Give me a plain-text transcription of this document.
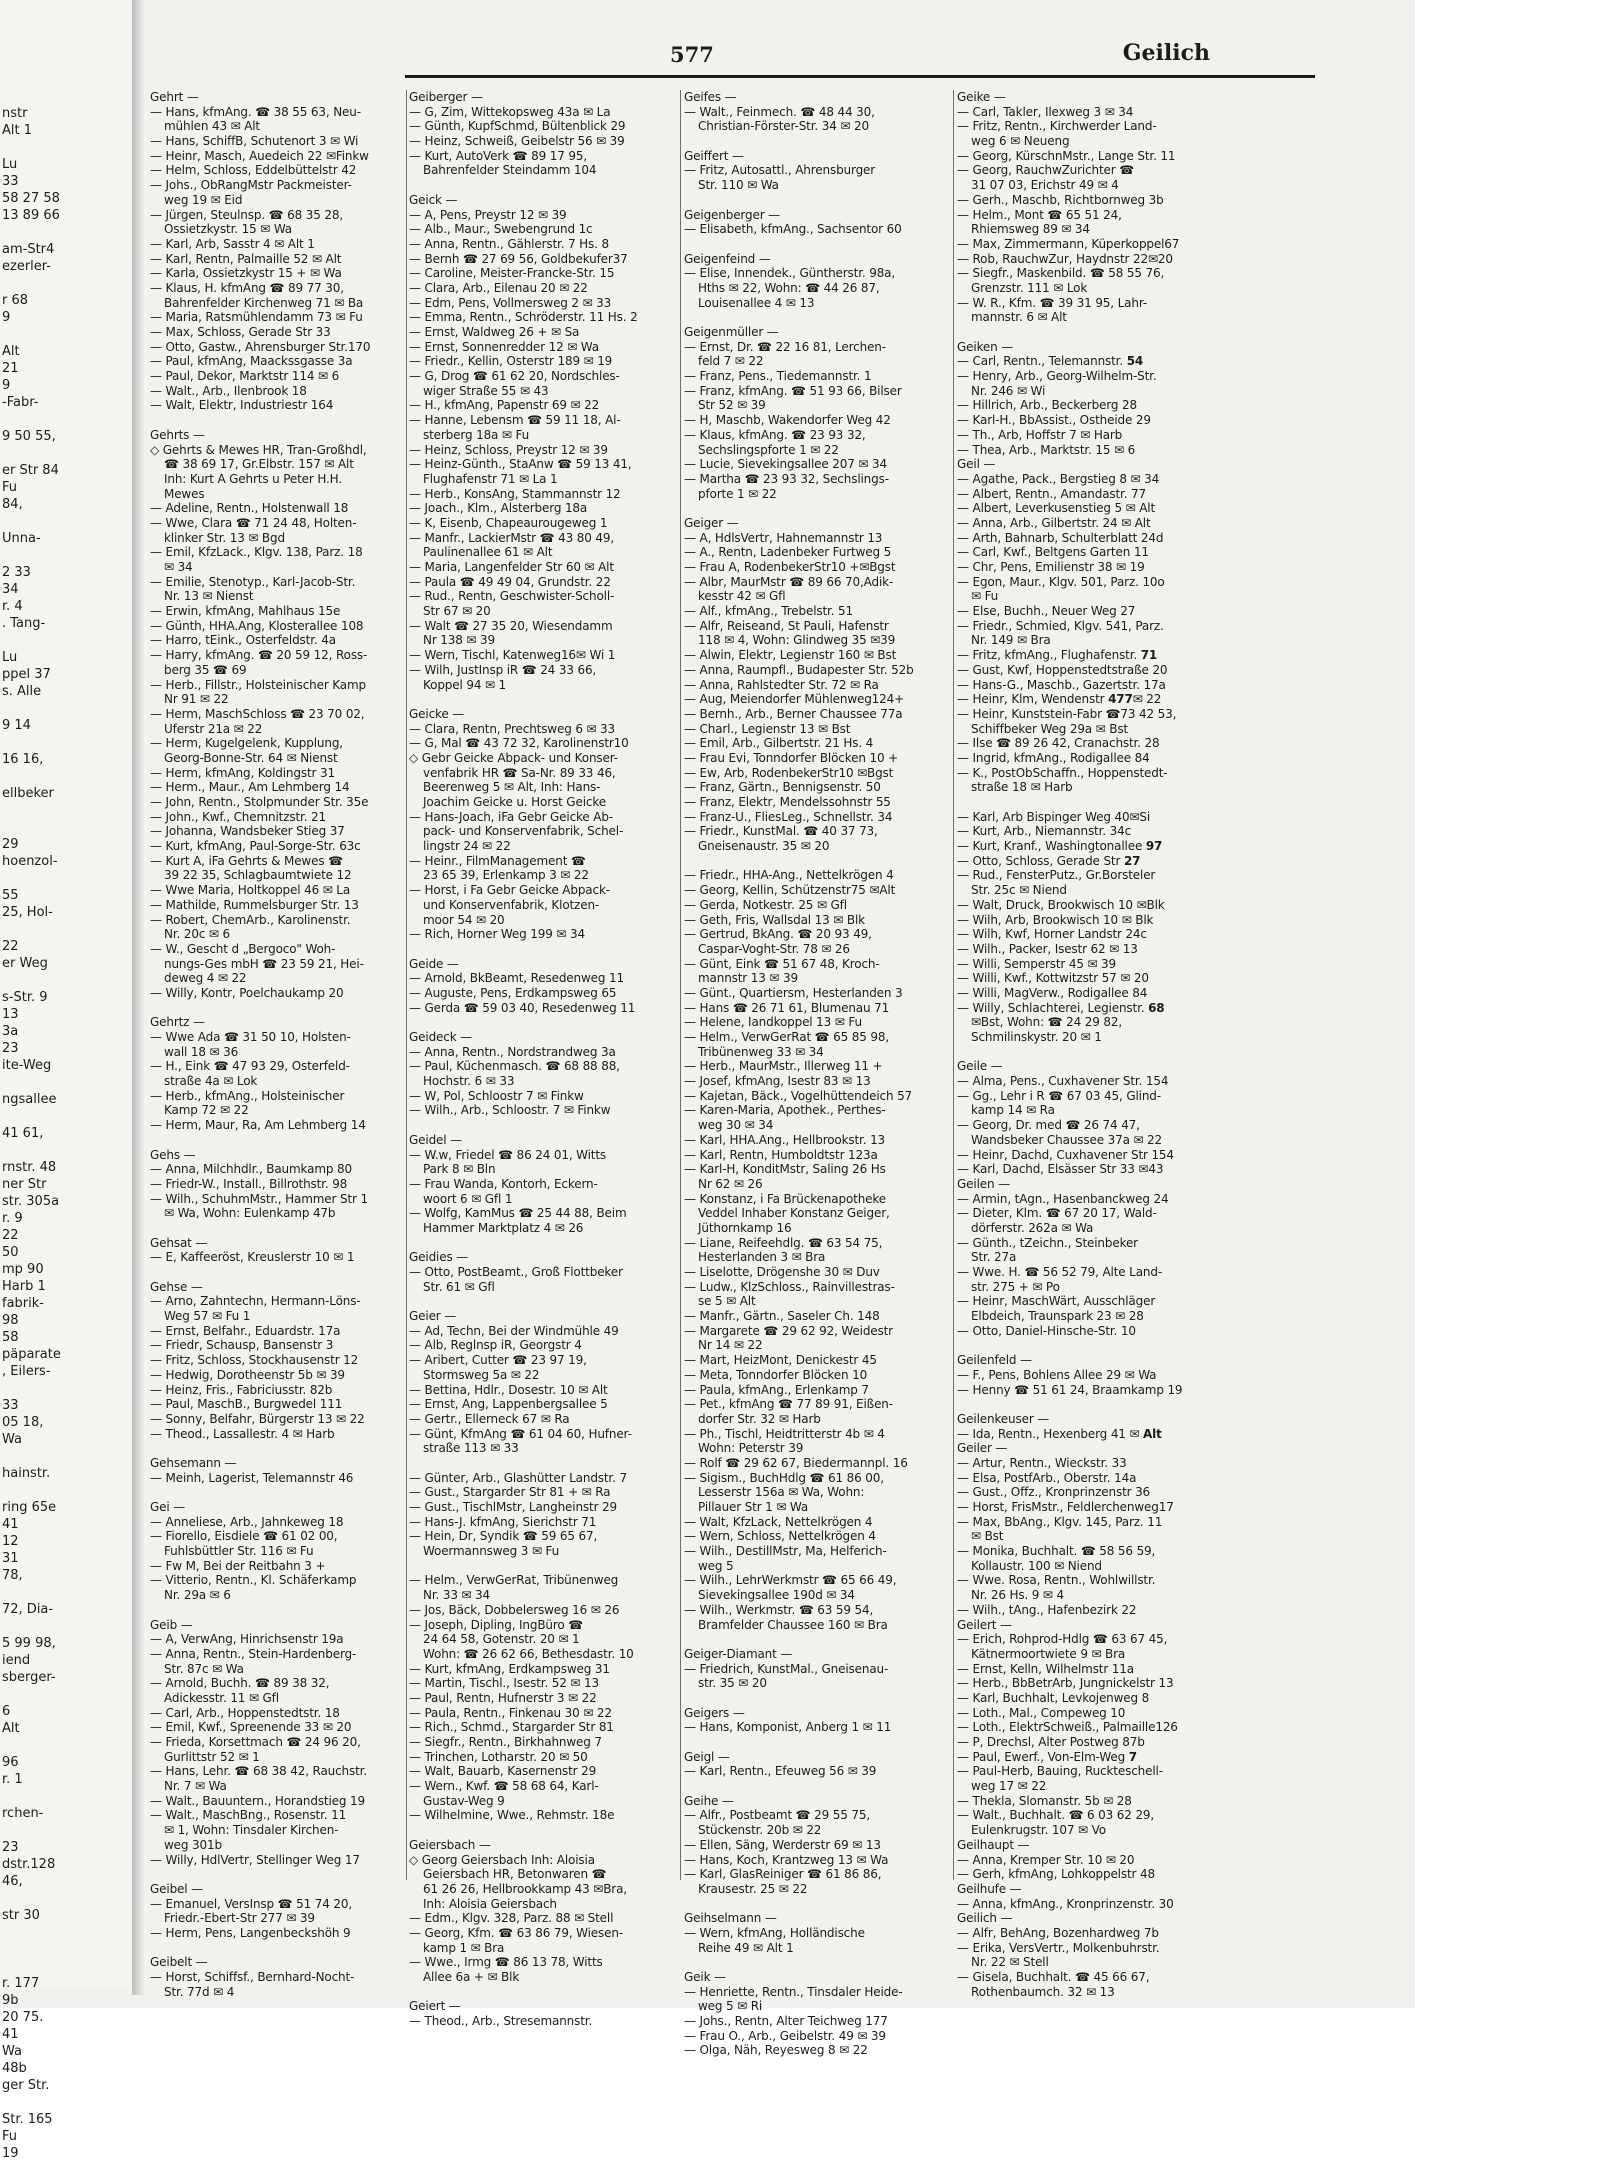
nstr
Alt 1
Lu
33
58 27 58
13 89 66
am-Str4
ezerler-
r 68
9
Alt
21
9
-Fabr-
9 50 55,
er Str 84
Fu
84,
Unna-
2 33
34
r. 4
. Tang-
Lu
ppel 37
s. Alle
9 14
16 16,
ellbeker
29
hoenzol-
55
25, Hol-
22
er Weg
s-Str. 9
13
3a
23
ite-Weg
ngsallee
41 61,
rnstr. 48
ner Str
str. 305a
r. 9
22
50
mp 90
Harb 1
fabrik-
98
58
päparate
, Eilers-
33
05 18,
Wa
hainstr.
ring 65e
41
12
31
78,
72, Dia-
5 99 98,
iend
sberger-
6
Alt
96
r. 1
rchen-
23
dstr.128
46,
str 30
r. 177
9b
20 75.
41
Wa
48b
ger Str.
Str. 165
Fu
19
577	Geilich
Gehrt —
— Hans, kfmAng. ☎ 38 55 63, Neu-
mühlen 43 ✉ Alt
— Hans, SchiffB, Schutenort 3 ✉ Wi
— Heinr, Masch, Auedeich 22 ✉Finkw
— Helm, Schloss, Eddelbüttelstr 42
— Johs., ObRangMstr Packmeister-
weg 19 ✉ Eid
— Jürgen, Steulnsp. ☎ 68 35 28,
Ossietzkystr. 15 ✉ Wa
— Karl, Arb, Sasstr 4 ✉ Alt 1
— Karl, Rentn, Palmaille 52 ✉ Alt
— Karla, Ossietzkystr 15 + ✉ Wa
— Klaus, H. kfmAng ☎ 89 77 30,
Bahrenfelder Kirchenweg 71 ✉ Ba
— Maria, Ratsmühlendamm 73 ✉ Fu
— Max, Schloss, Gerade Str 33
— Otto, Gastw., Ahrensburger Str.170
— Paul, kfmAng, Maackssgasse 3a
— Paul, Dekor, Marktstr 114 ✉ 6
— Walt., Arb., Ilenbrook 18
— Walt, Elektr, Industriestr 164

Gehrts —
◇ Gehrts & Mewes HR, Tran-Großhdl,
☎ 38 69 17, Gr.Elbstr. 157 ✉ Alt
Inh: Kurt A Gehrts u Peter H.H.
Mewes
— Adeline, Rentn., Holstenwall 18
— Wwe, Clara ☎ 71 24 48, Holten-
klinker Str. 13 ✉ Bgd
— Emil, KfzLack., Klgv. 138, Parz. 18
✉ 34
— Emilie, Stenotyp., Karl-Jacob-Str.
Nr. 13 ✉ Nienst
— Erwin, kfmAng, Mahlhaus 15e
— Günth, HHA.Ang, Klosterallee 108
— Harro, tEink., Osterfeldstr. 4a
— Harry, kfmAng. ☎ 20 59 12, Ross-
berg 35 ☎ 69
— Herb., Fillstr., Holsteinischer Kamp
Nr 91 ✉ 22
— Herm, MaschSchloss ☎ 23 70 02,
Uferstr 21a ✉ 22
— Herm, Kugelgelenk, Kupplung,
Georg-Bonne-Str. 64 ✉ Nienst
— Herm, kfmAng, Koldingstr 31
— Herm., Maur., Am Lehmberg 14
— John, Rentn., Stolpmunder Str. 35e
— John., Kwf., Chemnitzstr. 21
— Johanna, Wandsbeker Stieg 37
— Kurt, kfmAng, Paul-Sorge-Str. 63c
— Kurt A, iFa Gehrts & Mewes ☎
39 22 35, Schlagbaumtwiete 12
— Wwe Maria, Holtkoppel 46 ✉ La
— Mathilde, Rummelsburger Str. 13
— Robert, ChemArb., Karolinenstr.
Nr. 20c ✉ 6
— W., Gescht d „Bergoco" Woh-
nungs-Ges mbH ☎ 23 59 21, Hei-
deweg 4 ✉ 22
— Willy, Kontr, Poelchaukamp 20

Gehrtz —
— Wwe Ada ☎ 31 50 10, Holsten-
wall 18 ✉ 36
— H., Eink ☎ 47 93 29, Osterfeld-
straße 4a ✉ Lok
— Herb., kfmAng., Holsteinischer
Kamp 72 ✉ 22
— Herm, Maur, Ra, Am Lehmberg 14

Gehs —
— Anna, Milchhdlr., Baumkamp 80
— Friedr-W., Install., Billrothstr. 98
— Wilh., SchuhmMstr., Hammer Str 1
✉ Wa, Wohn: Eulenkamp 47b

Gehsat —
— E, Kaffeeröst, Kreuslerstr 10 ✉ 1

Gehse —
— Arno, Zahntechn, Hermann-Löns-
Weg 57 ✉ Fu 1
— Ernst, Belfahr., Eduardstr. 17a
— Friedr, Schausp, Bansenstr 3
— Fritz, Schloss, Stockhausenstr 12
— Hedwig, Dorotheenstr 5b ✉ 39
— Heinz, Fris., Fabriciusstr. 82b
— Paul, MaschB., Burgwedel 111
— Sonny, Belfahr, Bürgerstr 13 ✉ 22
— Theod., Lassallestr. 4 ✉ Harb

Gehsemann —
— Meinh, Lagerist, Telemannstr 46

Gei —
— Anneliese, Arb., Jahnkeweg 18
— Fiorello, Eisdiele ☎ 61 02 00,
Fuhlsbüttler Str. 116 ✉ Fu
— Fw M, Bei der Reitbahn 3 +
— Vitterio, Rentn., Kl. Schäferkamp
Nr. 29a ✉ 6

Geib —
— A, VerwAng, Hinrichsenstr 19a
— Anna, Rentn., Stein-Hardenberg-
Str. 87c ✉ Wa
— Arnold, Buchh. ☎ 89 38 32,
Adickesstr. 11 ✉ Gfl
— Carl, Arb., Hoppenstedtstr. 18
— Emil, Kwf., Spreenende 33 ✉ 20
— Frieda, Korsettmach ☎ 24 96 20,
Gurlittstr 52 ✉ 1
— Hans, Lehr. ☎ 68 38 42, Rauchstr.
Nr. 7 ✉ Wa
— Walt., Bauuntern., Horandstieg 19
— Walt., MaschBng., Rosenstr. 11
✉ 1, Wohn: Tinsdaler Kirchen-
weg 301b
— Willy, HdlVertr, Stellinger Weg 17

Geibel —
— Emanuel, VersInsp ☎ 51 74 20,
Friedr.-Ebert-Str 277 ✉ 39
— Herm, Pens, Langenbeckshöh 9

Geibelt —
— Horst, Schiffsf., Bernhard-Nocht-
Str. 77d ✉ 4
Geiberger —
— G, Zim, Wittekopsweg 43a ✉ La
— Günth, KupfSchmd, Bültenblick 29
— Heinz, Schweiß, Geibelstr 56 ✉ 39
— Kurt, AutoVerk ☎ 89 17 95,
Bahrenfelder Steindamm 104

Geick —
— A, Pens, Preystr 12 ✉ 39
— Alb., Maur., Swebengrund 1c
— Anna, Rentn., Gählerstr. 7 Hs. 8
— Bernh ☎ 27 69 56, Goldbekufer37
— Caroline, Meister-Francke-Str. 15
— Clara, Arb., Eilenau 20 ✉ 22
— Edm, Pens, Vollmersweg 2 ✉ 33
— Emma, Rentn., Schröderstr. 11 Hs. 2
— Ernst, Waldweg 26 + ✉ Sa
— Ernst, Sonnenredder 12 ✉ Wa
— Friedr., Kellin, Osterstr 189 ✉ 19
— G, Drog ☎ 61 62 20, Nordschles-
wiger Straße 55 ✉ 43
— H., kfmAng, Papenstr 69 ✉ 22
— Hanne, Lebensm ☎ 59 11 18, Al-
sterberg 18a ✉ Fu
— Heinz, Schloss, Preystr 12 ✉ 39
— Heinz-Günth., StaAnw ☎ 59 13 41,
Flughafenstr 71 ✉ La 1
— Herb., KonsAng, Stammannstr 12
— Joach., Klm., Alsterberg 18a
— K, Eisenb, Chapeaurougeweg 1
— Manfr., LackierMstr ☎ 43 80 49,
Paulinenallee 61 ✉ Alt
— Maria, Langenfelder Str 60 ✉ Alt
— Paula ☎ 49 49 04, Grundstr. 22
— Rud., Rentn, Geschwister-Scholl-
Str 67 ✉ 20
— Walt ☎ 27 35 20, Wiesendamm
Nr 138 ✉ 39
— Wern, Tischl, Katenweg16✉ Wi 1
— Wilh, JustInsp iR ☎ 24 33 66,
Koppel 94 ✉ 1

Geicke —
— Clara, Rentn, Prechtsweg 6 ✉ 33
— G, Mal ☎ 43 72 32, Karolinenstr10
◇ Gebr Geicke Abpack- und Konser-
venfabrik HR ☎ Sa-Nr. 89 33 46,
Beerenweg 5 ✉ Alt, Inh: Hans-
Joachim Geicke u. Horst Geicke
— Hans-Joach, iFa Gebr Geicke Ab-
pack- und Konservenfabrik, Schel-
lingstr 24 ✉ 22
— Heinr., FilmManagement ☎
23 65 39, Erlenkamp 3 ✉ 22
— Horst, i Fa Gebr Geicke Abpack-
und Konservenfabrik, Klotzen-
moor 54 ✉ 20
— Rich, Horner Weg 199 ✉ 34

Geide —
— Arnold, BkBeamt, Resedenweg 11
— Auguste, Pens, Erdkampsweg 65
— Gerda ☎ 59 03 40, Resedenweg 11

Geideck —
— Anna, Rentn., Nordstrandweg 3a
— Paul, Küchenmasch. ☎ 68 88 88,
Hochstr. 6 ✉ 33
— W, Pol, Schloostr 7 ✉ Finkw
— Wilh., Arb., Schloostr. 7 ✉ Finkw

Geidel —
— W.w, Friedel ☎ 86 24 01, Witts
Park 8 ✉ Bln
— Frau Wanda, Kontorh, Eckern-
woort 6 ✉ Gfl 1
— Wolfg, KamMus ☎ 25 44 88, Beim
Hammer Marktplatz 4 ✉ 26

Geidies —
— Otto, PostBeamt., Groß Flottbeker
Str. 61 ✉ Gfl

Geier —
— Ad, Techn, Bei der Windmühle 49
— Alb, Reglnsp iR, Georgstr 4
— Aribert, Cutter ☎ 23 97 19,
Stormsweg 5a ✉ 22
— Bettina, Hdlr., Dosestr. 10 ✉ Alt
— Ernst, Ang, Lappenbergsallee 5
— Gertr., Ellerneck 67 ✉ Ra
— Günt, KfmAng ☎ 61 04 60, Hufner-
straße 113 ✉ 33

— Günter, Arb., Glashütter Landstr. 7
— Gust., Stargarder Str 81 + ✉ Ra
— Gust., TischlMstr, Langheinstr 29
— Hans-J. kfmAng, Sierichstr 71
— Hein, Dr, Syndik ☎ 59 65 67,
Woermannsweg 3 ✉ Fu

— Helm., VerwGerRat, Tribünenweg
Nr. 33 ✉ 34
— Jos, Bäck, Dobbelersweg 16 ✉ 26
— Joseph, Dipling, IngBüro ☎
24 64 58, Gotenstr. 20 ✉ 1
Wohn: ☎ 26 62 66, Bethesdastr. 10
— Kurt, kfmAng, Erdkampsweg 31
— Martin, Tischl., Isestr. 52 ✉ 13
— Paul, Rentn, Hufnerstr 3 ✉ 22
— Paula, Rentn., Finkenau 30 ✉ 22
— Rich., Schmd., Stargarder Str 81
— Siegfr., Rentn., Birkhahnweg 7
— Trinchen, Lotharstr. 20 ✉ 50
— Walt, Bauarb, Kasernenstr 29
— Wern., Kwf. ☎ 58 68 64, Karl-
Gustav-Weg 9
— Wilhelmine, Wwe., Rehmstr. 18e

Geiersbach —
◇ Georg Geiersbach Inh: Aloisia
Geiersbach HR, Betonwaren ☎
61 26 26, Hellbrookkamp 43 ✉Bra,
Inh: Aloisia Geiersbach
— Edm., Klgv. 328, Parz. 88 ✉ Stell
— Georg, Kfm. ☎ 63 86 79, Wiesen-
kamp 1 ✉ Bra
— Wwe., Irmg ☎ 86 13 78, Witts
Allee 6a + ✉ Blk

Geiert —
— Theod., Arb., Stresemannstr.
Geifes —
— Walt., Feinmech. ☎ 48 44 30,
Christian-Förster-Str. 34 ✉ 20

Geiffert —
— Fritz, Autosattl., Ahrensburger
Str. 110 ✉ Wa

Geigenberger —
— Elisabeth, kfmAng., Sachsentor 60

Geigenfeind —
— Elise, Innendek., Güntherstr. 98a,
Hths ✉ 22, Wohn: ☎ 44 26 87,
Louisenallee 4 ✉ 13

Geigenmüller —
— Ernst, Dr. ☎ 22 16 81, Lerchen-
feld 7 ✉ 22
— Franz, Pens., Tiedemannstr. 1
— Franz, kfmAng. ☎ 51 93 66, Bilser
Str 52 ✉ 39
— H, Maschb, Wakendorfer Weg 42
— Klaus, kfmAng. ☎ 23 93 32,
Sechslingspforte 1 ✉ 22
— Lucie, Sievekingsallee 207 ✉ 34
— Martha ☎ 23 93 32, Sechslings-
pforte 1 ✉ 22

Geiger —
— A, HdlsVertr, Hahnemannstr 13
— A., Rentn, Ladenbeker Furtweg 5
— Frau A, RodenbekerStr10 +✉Bgst
— Albr, MaurMstr ☎ 89 66 70,Adik-
kesstr 42 ✉ Gfl
— Alf., kfmAng., Trebelstr. 51
— Alfr, Reiseand, St Pauli, Hafenstr
118 ✉ 4, Wohn: Glindweg 35 ✉39
— Alwin, Elektr, Legienstr 160 ✉ Bst
— Anna, Raumpfl., Budapester Str. 52b
— Anna, Rahlstedter Str. 72 ✉ Ra
— Aug, Meiendorfer Mühlenweg124+
— Bernh., Arb., Berner Chaussee 77a
— Charl., Legienstr 13 ✉ Bst
— Emil, Arb., Gilbertstr. 21 Hs. 4
— Frau Evi, Tonndorfer Blöcken 10 +
— Ew, Arb, RodenbekerStr10 ✉Bgst
— Franz, Gärtn., Bennigsenstr. 50
— Franz, Elektr, Mendelssohnstr 55
— Franz-U., FliesLeg., Schnellstr. 34
— Friedr., KunstMal. ☎ 40 37 73,
Gneisenaustr. 35 ✉ 20

— Friedr., HHA-Ang., Nettelkrögen 4
— Georg, Kellin, Schützenstr75 ✉Alt
— Gerda, Notkestr. 25 ✉ Gfl
— Geth, Fris, Wallsdal 13 ✉ Blk
— Gertrud, BkAng. ☎ 20 93 49,
Caspar-Voght-Str. 78 ✉ 26
— Günt, Eink ☎ 51 67 48, Kroch-
mannstr 13 ✉ 39
— Günt., Quartiersm, Hesterlanden 3
— Hans ☎ 26 71 61, Blumenau 71
— Helene, Iandkoppel 13 ✉ Fu
— Helm., VerwGerRat ☎ 65 85 98,
Tribünenweg 33 ✉ 34
— Herb., MaurMstr., Illerweg 11 +
— Josef, kfmAng, Isestr 83 ✉ 13
— Kajetan, Bäck., Vogelhüttendeich 57
— Karen-Maria, Apothek., Perthes-
weg 30 ✉ 34
— Karl, HHA.Ang., Hellbrookstr. 13
— Karl, Rentn, Humboldtstr 123a
— Karl-H, KonditMstr, Saling 26 Hs
Nr 62 ✉ 26
— Konstanz, i Fa Brückenapotheke
Veddel Inhaber Konstanz Geiger,
Jüthornkamp 16
— Liane, Reifeehdlg. ☎ 63 54 75,
Hesterlanden 3 ✉ Bra
— Liselotte, Drögenshe 30 ✉ Duv
— Ludw., KlzSchloss., Rainvillestras-
se 5 ✉ Alt
— Manfr., Gärtn., Saseler Ch. 148
— Margarete ☎ 29 62 92, Weidestr
Nr 14 ✉ 22
— Mart, HeizMont, Denickestr 45
— Meta, Tonndorfer Blöcken 10
— Paula, kfmAng., Erlenkamp 7
— Pet., kfmAng ☎ 77 89 91, Eißen-
dorfer Str. 32 ✉ Harb
— Ph., Tischl, Heidtritterstr 4b ✉ 4
Wohn: Peterstr 39
— Rolf ☎ 29 62 67, Biedermannpl. 16
— Sigism., BuchHdlg ☎ 61 86 00,
Lesserstr 156a ✉ Wa, Wohn:
Pillauer Str 1 ✉ Wa
— Walt, KfzLack, Nettelkrögen 4
— Wern, Schloss, Nettelkrögen 4
— Wilh., DestillMstr, Ma, Helferich-
weg 5
— Wilh., LehrWerkmstr ☎ 65 66 49,
Sievekingsallee 190d ✉ 34
— Wilh., Werkmstr. ☎ 63 59 54,
Bramfelder Chaussee 160 ✉ Bra

Geiger-Diamant —
— Friedrich, KunstMal., Gneisenau-
str. 35 ✉ 20

Geigers —
— Hans, Komponist, Anberg 1 ✉ 11

Geigl —
— Karl, Rentn., Efeuweg 56 ✉ 39

Geihe —
— Alfr., Postbeamt ☎ 29 55 75,
Stückenstr. 20b ✉ 22
— Ellen, Säng, Werderstr 69 ✉ 13
— Hans, Koch, Krantzweg 13 ✉ Wa
— Karl, GlasReiniger ☎ 61 86 86,
Krausestr. 25 ✉ 22

Geihselmann —
— Wern, kfmAng, Holländische
Reihe 49 ✉ Alt 1

Geik —
— Henriette, Rentn., Tinsdaler Heide-
weg 5 ✉ Ri
— Johs., Rentn, Alter Teichweg 177
— Frau O., Arb., Geibelstr. 49 ✉ 39
— Olga, Näh, Reyesweg 8 ✉ 22
Geike —
— Carl, Takler, Ilexweg 3 ✉ 34
— Fritz, Rentn., Kirchwerder Land-
weg 6 ✉ Neueng
— Georg, KürschnMstr., Lange Str. 11
— Georg, RauchwZurichter ☎
31 07 03, Erichstr 49 ✉ 4
— Gerh., Maschb, Richtbornweg 3b
— Helm., Mont ☎ 65 51 24,
Rhiemsweg 89 ✉ 34
— Max, Zimmermann, Küperkoppel67
— Rob, RauchwZur, Haydnstr 22✉20
— Siegfr., Maskenbild. ☎ 58 55 76,
Grenzstr. 111 ✉ Lok
— W. R., Kfm. ☎ 39 31 95, Lahr-
mannstr. 6 ✉ Alt

Geiken —
— Carl, Rentn., Telemannstr. 54
— Henry, Arb., Georg-Wilhelm-Str.
Nr. 246 ✉ Wi
— Hillrich, Arb., Beckerberg 28
— Karl-H., BbAssist., Ostheide 29
— Th., Arb, Hoffstr 7 ✉ Harb
— Thea, Arb., Marktstr. 15 ✉ 6
Geil —
— Agathe, Pack., Bergstieg 8 ✉ 34
— Albert, Rentn., Amandastr. 77
— Albert, Leverkusenstieg 5 ✉ Alt
— Anna, Arb., Gilbertstr. 24 ✉ Alt
— Arth, Bahnarb, Schulterblatt 24d
— Carl, Kwf., Beltgens Garten 11
— Chr, Pens, Emilienstr 38 ✉ 19
— Egon, Maur., Klgv. 501, Parz. 10o
✉ Fu
— Else, Buchh., Neuer Weg 27
— Friedr., Schmied, Klgv. 541, Parz.
Nr. 149 ✉ Bra
— Fritz, kfmAng., Flughafenstr. 71
— Gust, Kwf, Hoppenstedtstraße 20
— Hans-G., Maschb., Gazertstr. 17a
— Heinr, Klm, Wendenstr 477✉ 22
— Heinr, Kunststein-Fabr ☎73 42 53,
Schiffbeker Weg 29a ✉ Bst
— Ilse ☎ 89 26 42, Cranachstr. 28
— Ingrid, kfmAng., Rodigallee 84
— K., PostObSchaffn., Hoppenstedt-
straße 18 ✉ Harb

— Karl, Arb Bispinger Weg 40✉Si
— Kurt, Arb., Niemannstr. 34c
— Kurt, Kranf., Washingtonallee 97
— Otto, Schloss, Gerade Str 27
— Rud., FensterPutz., Gr.Borsteler
Str. 25c ✉ Niend
— Walt, Druck, Brookwisch 10 ✉Blk
— Wilh, Arb, Brookwisch 10 ✉ Blk
— Wilh, Kwf, Horner Landstr 24c
— Wilh., Packer, Isestr 62 ✉ 13
— Willi, Semperstr 45 ✉ 39
— Willi, Kwf., Kottwitzstr 57 ✉ 20
— Willi, MagVerw., Rodigallee 84
— Willy, Schlachterei, Legienstr. 68
✉Bst, Wohn: ☎ 24 29 82,
Schmilinskystr. 20 ✉ 1

Geile —
— Alma, Pens., Cuxhavener Str. 154
— Gg., Lehr i R ☎ 67 03 45, Glind-
kamp 14 ✉ Ra
— Georg, Dr. med ☎ 26 74 47,
Wandsbeker Chaussee 37a ✉ 22
— Heinr, Dachd, Cuxhavener Str 154
— Karl, Dachd, Elsässer Str 33 ✉43
Geilen —
— Armin, tAgn., Hasenbanckweg 24
— Dieter, Klm. ☎ 67 20 17, Wald-
dörferstr. 262a ✉ Wa
— Günth., tZeichn., Steinbeker
Str. 27a
— Wwe. H. ☎ 56 52 79, Alte Land-
str. 275 + ✉ Po
— Heinr, MaschWärt, Ausschläger
Elbdeich, Traunspark 23 ✉ 28
— Otto, Daniel-Hinsche-Str. 10

Geilenfeld —
— F., Pens, Bohlens Allee 29 ✉ Wa
— Henny ☎ 51 61 24, Braamkamp 19

Geilenkeuser —
— Ida, Rentn., Hexenberg 41 ✉ Alt
Geiler —
— Artur, Rentn., Wieckstr. 33
— Elsa, PostfArb., Oberstr. 14a
— Gust., Offz., Kronprinzenstr 36
— Horst, FrisMstr., Feldlerchenweg17
— Max, BbAng., Klgv. 145, Parz. 11
✉ Bst
— Monika, Buchhalt. ☎ 58 56 59,
Kollaustr. 100 ✉ Niend
— Wwe. Rosa, Rentn., Wohlwillstr.
Nr. 26 Hs. 9 ✉ 4
— Wilh., tAng., Hafenbezirk 22
Geilert —
— Erich, Rohprod-Hdlg ☎ 63 67 45,
Kätnermoortwiete 9 ✉ Bra
— Ernst, Kelln, Wilhelmstr 11a
— Herb., BbBetrArb, Jungnickelstr 13
— Karl, Buchhalt, Levkojenweg 8
— Loth., Mal., Compeweg 10
— Loth., ElektrSchweiß., Palmaille126
— P, Drechsl, Alter Postweg 87b
— Paul, Ewerf., Von-Elm-Weg 7
— Paul-Herb, Bauing, Ruckteschell-
weg 17 ✉ 22
— Thekla, Slomanstr. 5b ✉ 28
— Walt., Buchhalt. ☎ 6 03 62 29,
Eulenkrugstr. 107 ✉ Vo
Geilhaupt —
— Anna, Kremper Str. 10 ✉ 20
— Gerh, kfmAng, Lohkoppelstr 48
Geilhufe —
— Anna, kfmAng., Kronprinzenstr. 30
Geilich —
— Alfr, BehAng, Bozenhardweg 7b
— Erika, VersVertr., Molkenbuhrstr.
Nr. 22 ✉ Stell
— Gisela, Buchhalt. ☎ 45 66 67,
Rothenbaumch. 32 ✉ 13
